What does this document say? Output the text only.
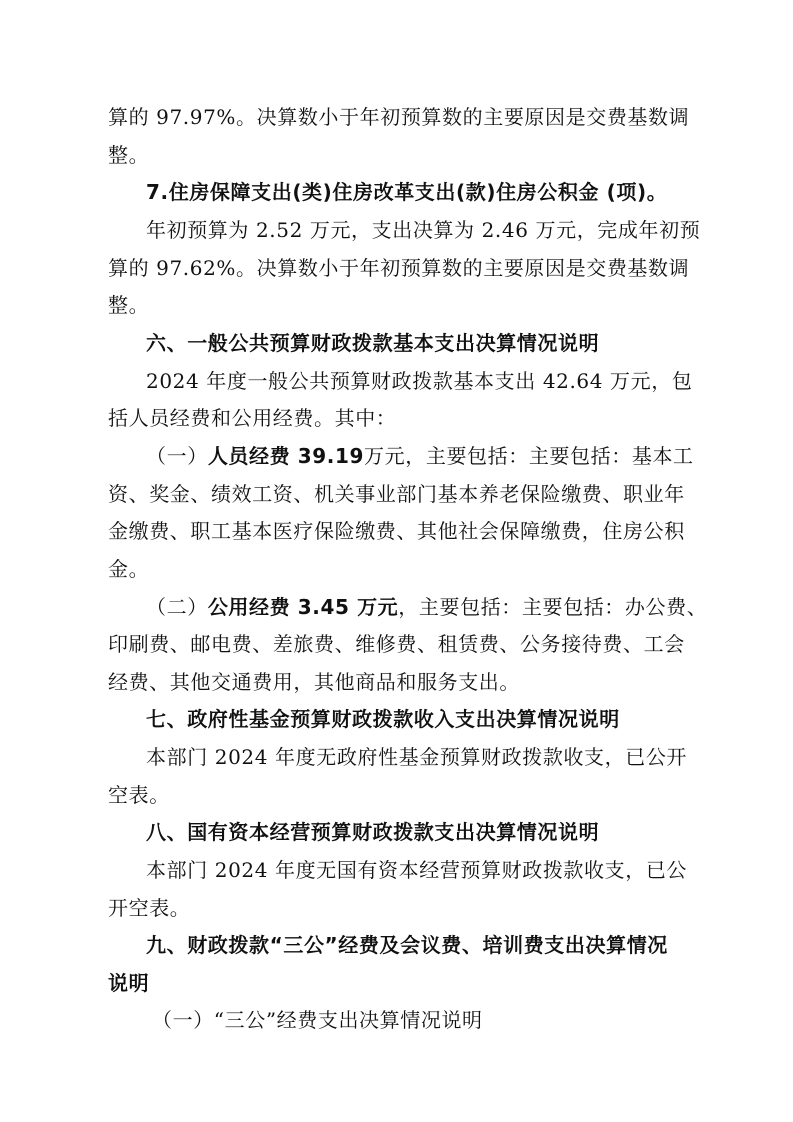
算的 97.97%。决算数小于年初预算数的主要原因是交费基数调
整。
7.住房保障支出(类)住房改革支出(款)住房公积金 (项)。
年初预算为 2.52 万元，支出决算为 2.46 万元，完成年初预
算的 97.62%。决算数小于年初预算数的主要原因是交费基数调
整。
六、一般公共预算财政拨款基本支出决算情况说明
2024 年度一般公共预算财政拨款基本支出 42.64 万元，包
括人员经费和公用经费。其中：
（一）人员经费 39.19万元，主要包括：主要包括：基本工
资、奖金、绩效工资、机关事业部门基本养老保险缴费、职业年
金缴费、职工基本医疗保险缴费、其他社会保障缴费，住房公积
金。
（二）公用经费 3.45 万元，主要包括：主要包括：办公费、
印刷费、邮电费、差旅费、维修费、租赁费、公务接待费、工会
经费、其他交通费用，其他商品和服务支出。
七、政府性基金预算财政拨款收入支出决算情况说明
本部门 2024 年度无政府性基金预算财政拨款收支，已公开
空表。
八、国有资本经营预算财政拨款支出决算情况说明
本部门 2024 年度无国有资本经营预算财政拨款收支，已公
开空表。
九、财政拨款“三公”经费及会议费、培训费支出决算情况
说明
（一）“三公”经费支出决算情况说明
